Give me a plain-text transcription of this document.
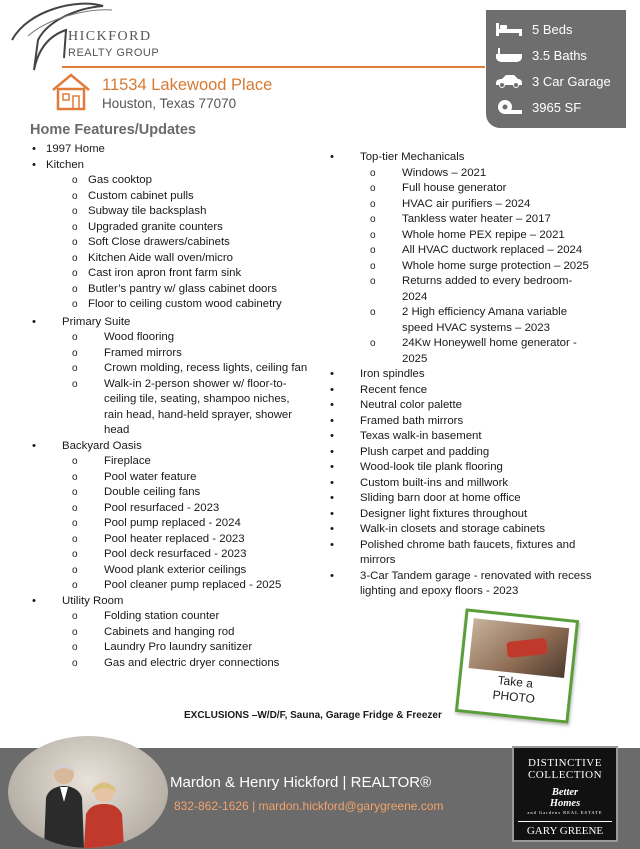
HICKFORD
REALTY GROUP
11534 Lakewood Place
Houston, Texas 77070
5 Beds
3.5 Baths
3 Car Garage
3965 SF
Home Features/Updates
• 1997 Home
• Kitchen
o Gas cooktop
o Custom cabinet pulls
o Subway tile backsplash
o Upgraded granite counters
o Soft Close drawers/cabinets
o Kitchen Aide wall oven/micro
o Cast iron apron front farm sink
o Butler’s pantry w/ glass cabinet doors
o Floor to ceiling custom wood cabinetry
• Primary Suite
o Wood flooring
o Framed mirrors
o Crown molding, recess lights, ceiling fan
o Walk-in 2-person shower w/ floor-to-ceiling tile, seating, shampoo niches, rain head, hand-held sprayer, shower head
• Backyard Oasis
o Fireplace
o Pool water feature
o Double ceiling fans
o Pool resurfaced - 2023
o Pool pump replaced - 2024
o Pool heater replaced - 2023
o Pool deck resurfaced - 2023
o Wood plank exterior ceilings
o Pool cleaner pump replaced - 2025
• Utility Room
o Folding station counter
o Cabinets and hanging rod
o Laundry Pro laundry sanitizer
o Gas and electric dryer connections
• Top-tier Mechanicals
o Windows – 2021
o Full house generator
o HVAC air purifiers – 2024
o Tankless water heater – 2017
o Whole home PEX repipe – 2021
o All HVAC ductwork replaced – 2024
o Whole home surge protection – 2025
o Returns added to every bedroom-2024
o 2 High efficiency Amana variable speed HVAC systems – 2023
o 24Kw Honeywell home generator - 2025
• Iron spindles
• Recent fence
• Neutral color palette
• Framed bath mirrors
• Texas walk-in basement
• Plush carpet and padding
• Wood-look tile plank flooring
• Custom built-ins and millwork
• Sliding barn door at home office
• Designer light fixtures throughout
• Walk-in closets and storage cabinets
• Polished chrome bath faucets, fixtures and mirrors
• 3-Car Tandem garage - renovated with recess lighting and epoxy floors - 2023
Take a
PHOTO
EXCLUSIONS –W/D/F, Sauna, Garage Fridge & Freezer
Mardon & Henry Hickford | REALTOR®
832-862-1626 | mardon.hickford@garygreene.com
DISTINCTIVE
COLLECTION
Better
Homes
and Gardens REAL ESTATE
GARY GREENE
